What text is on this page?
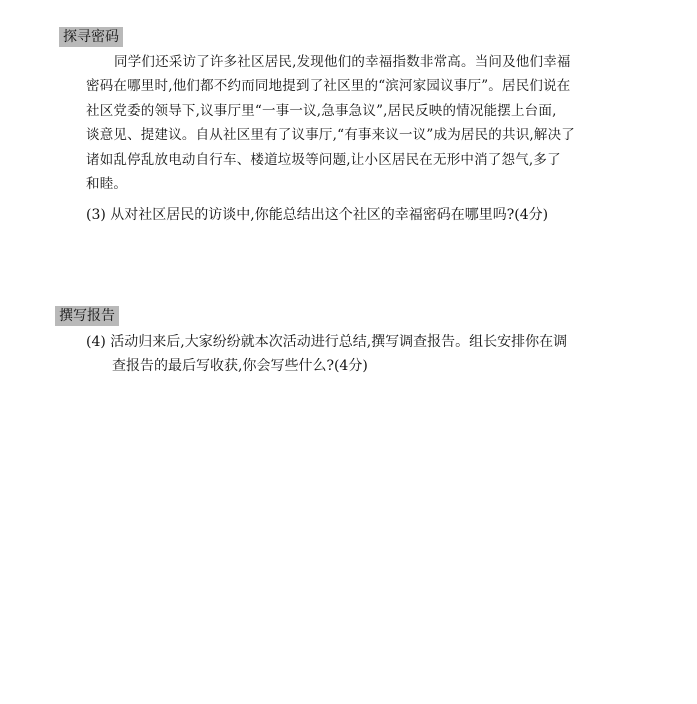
探寻密码
同学们还采访了许多社区居民,发现他们的幸福指数非常高。当问及他们幸福
密码在哪里时,他们都不约而同地提到了社区里的“滨河家园议事厅”。居民们说在
社区党委的领导下,议事厅里“一事一议,急事急议”,居民反映的情况能摆上台面,
谈意见、提建议。自从社区里有了议事厅,“有事来议一议”成为居民的共识,解决了
诸如乱停乱放电动自行车、楼道垃圾等问题,让小区居民在无形中消了怨气,多了
和睦。
(3) 从对社区居民的访谈中,你能总结出这个社区的幸福密码在哪里吗?(4分)
撰写报告
(4) 活动归来后,大家纷纷就本次活动进行总结,撰写调查报告。组长安排你在调
查报告的最后写收获,你会写些什么?(4分)
